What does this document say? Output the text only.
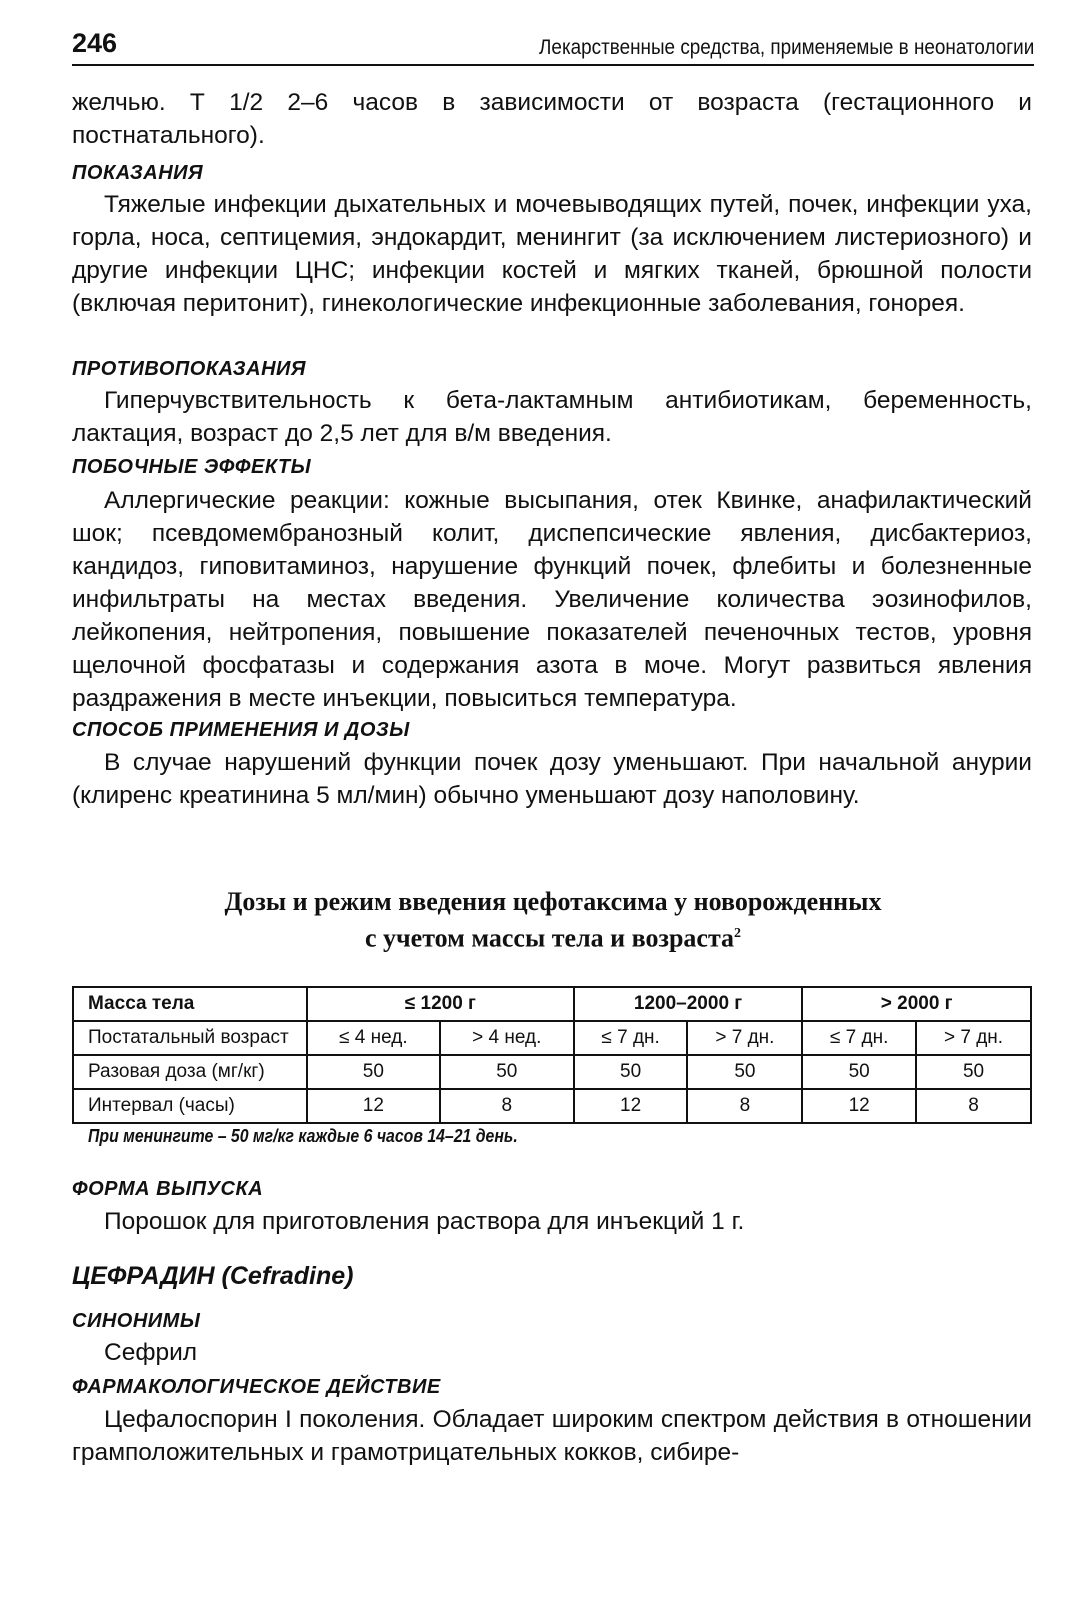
246	Лекарственные средства, применяемые в неонатологии

желчью. Т 1/2 2–6 часов в зависимости от возраста (гестационного и постнатального).

ПОКАЗАНИЯ

Тяжелые инфекции дыхательных и мочевыводящих путей, почек, инфекции уха, горла, носа, септицемия, эндокардит, менингит (за исключением листериозного) и другие инфекции ЦНС; инфекции костей и мягких тканей, брюшной полости (включая перитонит), гинекологические инфекционные заболевания, гонорея.

ПРОТИВОПОКАЗАНИЯ

Гиперчувствительность к бета-лактамным антибиотикам, беременность, лактация, возраст до 2,5 лет для в/м введения.

ПОБОЧНЫЕ ЭФФЕКТЫ

Аллергические реакции: кожные высыпания, отек Квинке, анафилактический шок; псевдомембранозный колит, диспепсические явления, дисбактериоз, кандидоз, гиповитаминоз, нарушение функций почек, флебиты и болезненные инфильтраты на местах введения. Увеличение количества эозинофилов, лейкопения, нейтропения, повышение показателей печеночных тестов, уровня щелочной фосфатазы и содержания азота в моче. Могут развиться явления раздражения в месте инъекции, повыситься температура.

СПОСОБ ПРИМЕНЕНИЯ И ДОЗЫ

В случае нарушений функции почек дозу уменьшают. При начальной анурии (клиренс креатинина 5 мл/мин) обычно уменьшают дозу наполовину.

Дозы и режим введения цефотаксима у новорожденных
с учетом массы тела и возраста$^2$
Масса тела	≤ 1200 г		1200–2000 г		> 2000 г	
Постатальный возраст	≤ 4 нед.	> 4 нед.	≤ 7 дн.	> 7 дн.	≤ 7 дн.	> 7 дн.
Разовая доза (мг/кг)	50	50	50	50	50	50
Интервал (часы)	12	8	12	8	12	8
При менингите – 50 мг/кг каждые 6 часов 14–21 день.
ФОРМА ВЫПУСКА

Порошок для приготовления раствора для инъекций 1 г.

ЦЕФРАДИН (Cefradine)
СИНОНИМЫ

Сефрил

ФАРМАКОЛОГИЧЕСКОЕ ДЕЙСТВИЕ

Цефалоспорин I поколения. Обладает широким спектром действия в отношении грамположительных и грамотрицательных кокков, сибире-
